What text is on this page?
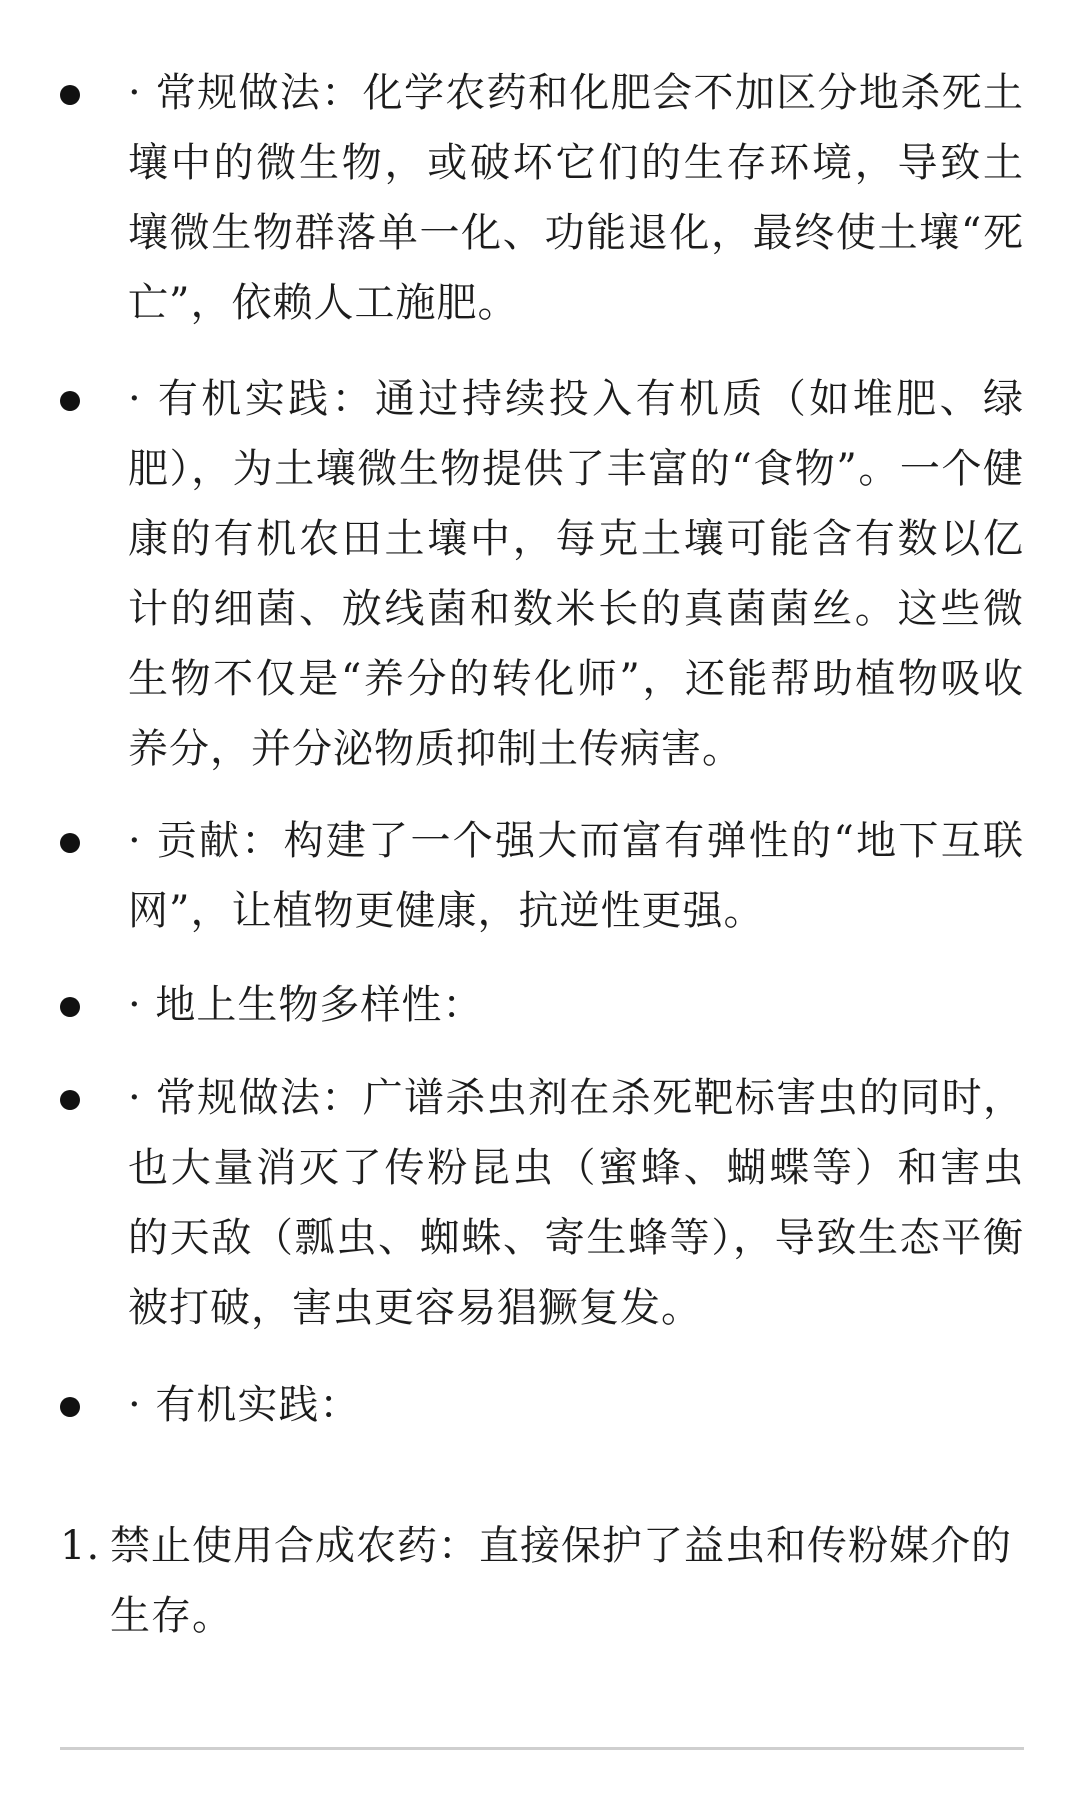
· 常规做法：化学农药和化肥会不加区分地杀死土壤中的微生物，或破坏它们的生存环境，导致土壤微生物群落单一化、功能退化，最终使土壤“死亡”，依赖人工施肥。
· 有机实践：通过持续投入有机质（如堆肥、绿肥），为土壤微生物提供了丰富的“食物”。一个健康的有机农田土壤中，每克土壤可能含有数以亿计的细菌、放线菌和数米长的真菌菌丝。这些微生物不仅是“养分的转化师”，还能帮助植物吸收养分，并分泌物质抑制土传病害。
· 贡献：构建了一个强大而富有弹性的“地下互联网”，让植物更健康，抗逆性更强。
· 地上生物多样性：
· 常规做法：广谱杀虫剂在杀死靶标害虫的同时，也大量消灭了传粉昆虫（蜜蜂、蝴蝶等）和害虫的天敌（瓢虫、蜘蛛、寄生蜂等），导致生态平衡被打破，害虫更容易猖獗复发。
· 有机实践：
1. 禁止使用合成农药：直接保护了益虫和传粉媒介的生存。
